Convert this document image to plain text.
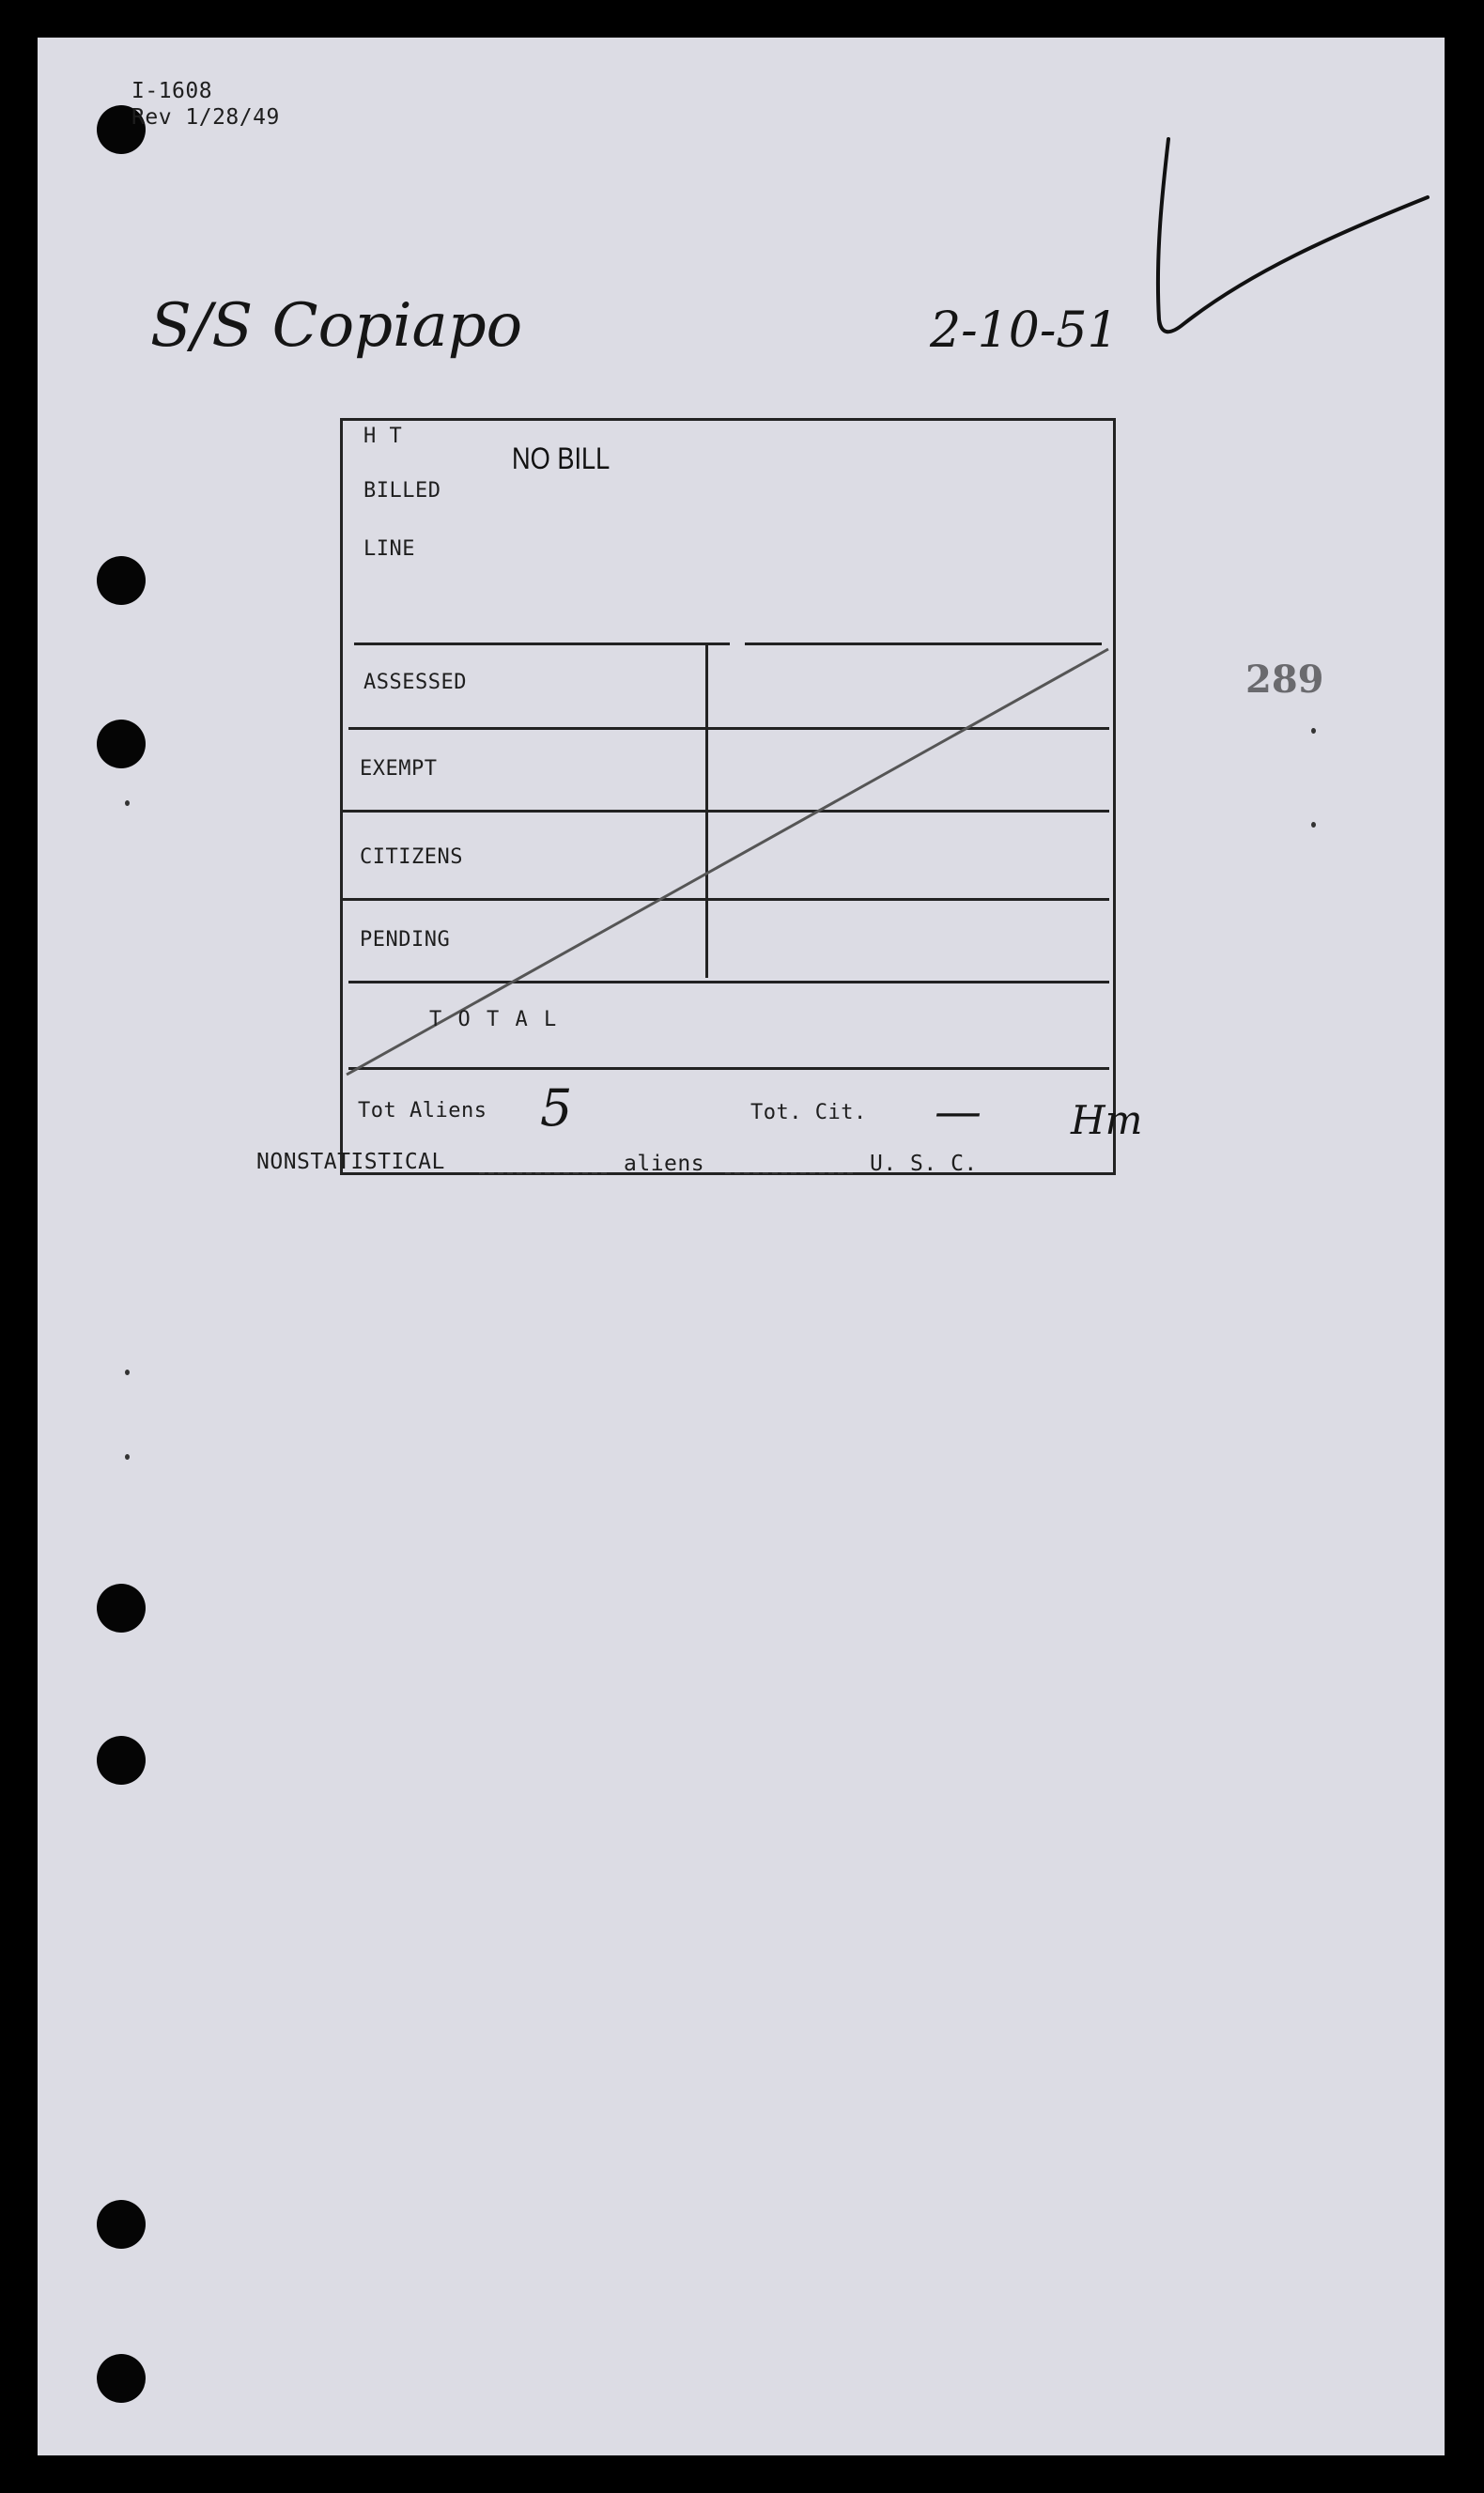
I-1608
Rev 1/28/49
S/S Copiapo	2-10-51
289
H T
BILLED
LINE
NO BILL
ASSESSED
EXEMPT
CITIZENS
PENDING
T O T A L
Tot Aliens 5	Tot. Cit. — Hm
NONSTATISTICAL	aliens	U. S. C.
